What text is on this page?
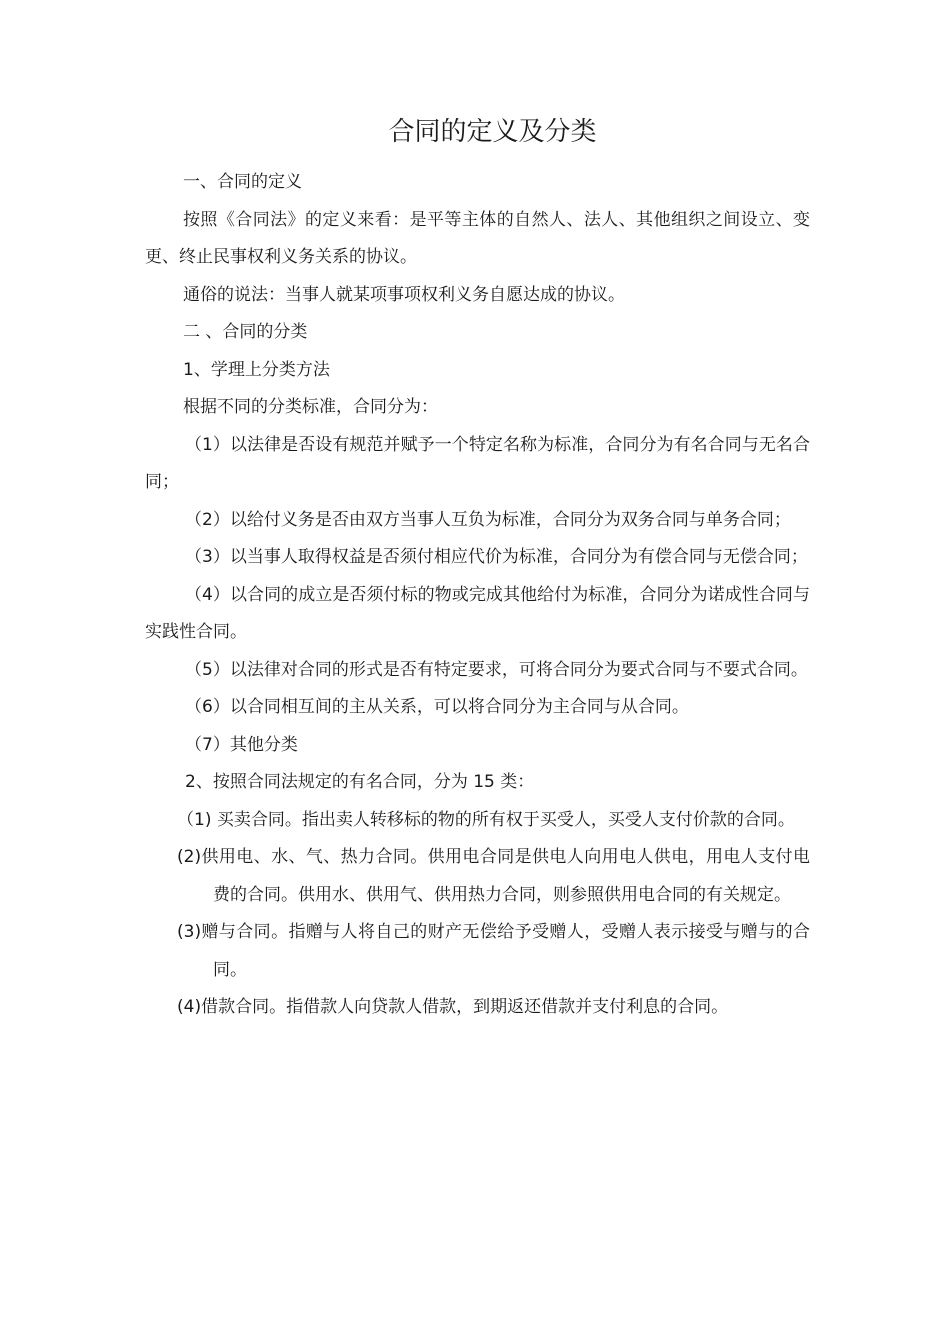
合同的定义及分类

一、合同的定义

按照《合同法》的定义来看：是平等主体的自然人、法人、其他组织之间设立、变更、终止民事权利义务关系的协议。

通俗的说法：当事人就某项事项权利义务自愿达成的协议。

二 、合同的分类

1、学理上分类方法

根据不同的分类标准，合同分为：

（1）以法律是否设有规范并赋予一个特定名称为标准，合同分为有名合同与无名合同；

（2）以给付义务是否由双方当事人互负为标准，合同分为双务合同与单务合同；

（3）以当事人取得权益是否须付相应代价为标准，合同分为有偿合同与无偿合同；

（4）以合同的成立是否须付标的物或完成其他给付为标准，合同分为诺成性合同与实践性合同。

（5）以法律对合同的形式是否有特定要求，可将合同分为要式合同与不要式合同。

（6）以合同相互间的主从关系，可以将合同分为主合同与从合同。

（7）其他分类

2、按照合同法规定的有名合同，分为 15 类：

（1) 买卖合同。指出卖人转移标的物的所有权于买受人，买受人支付价款的合同。

(2)供用电、水、气、热力合同。供用电合同是供电人向用电人供电，用电人支付电费的合同。供用水、供用气、供用热力合同，则参照供用电合同的有关规定。

(3)赠与合同。指赠与人将自己的财产无偿给予受赠人，受赠人表示接受与赠与的合同。

(4)借款合同。指借款人向贷款人借款，到期返还借款并支付利息的合同。
